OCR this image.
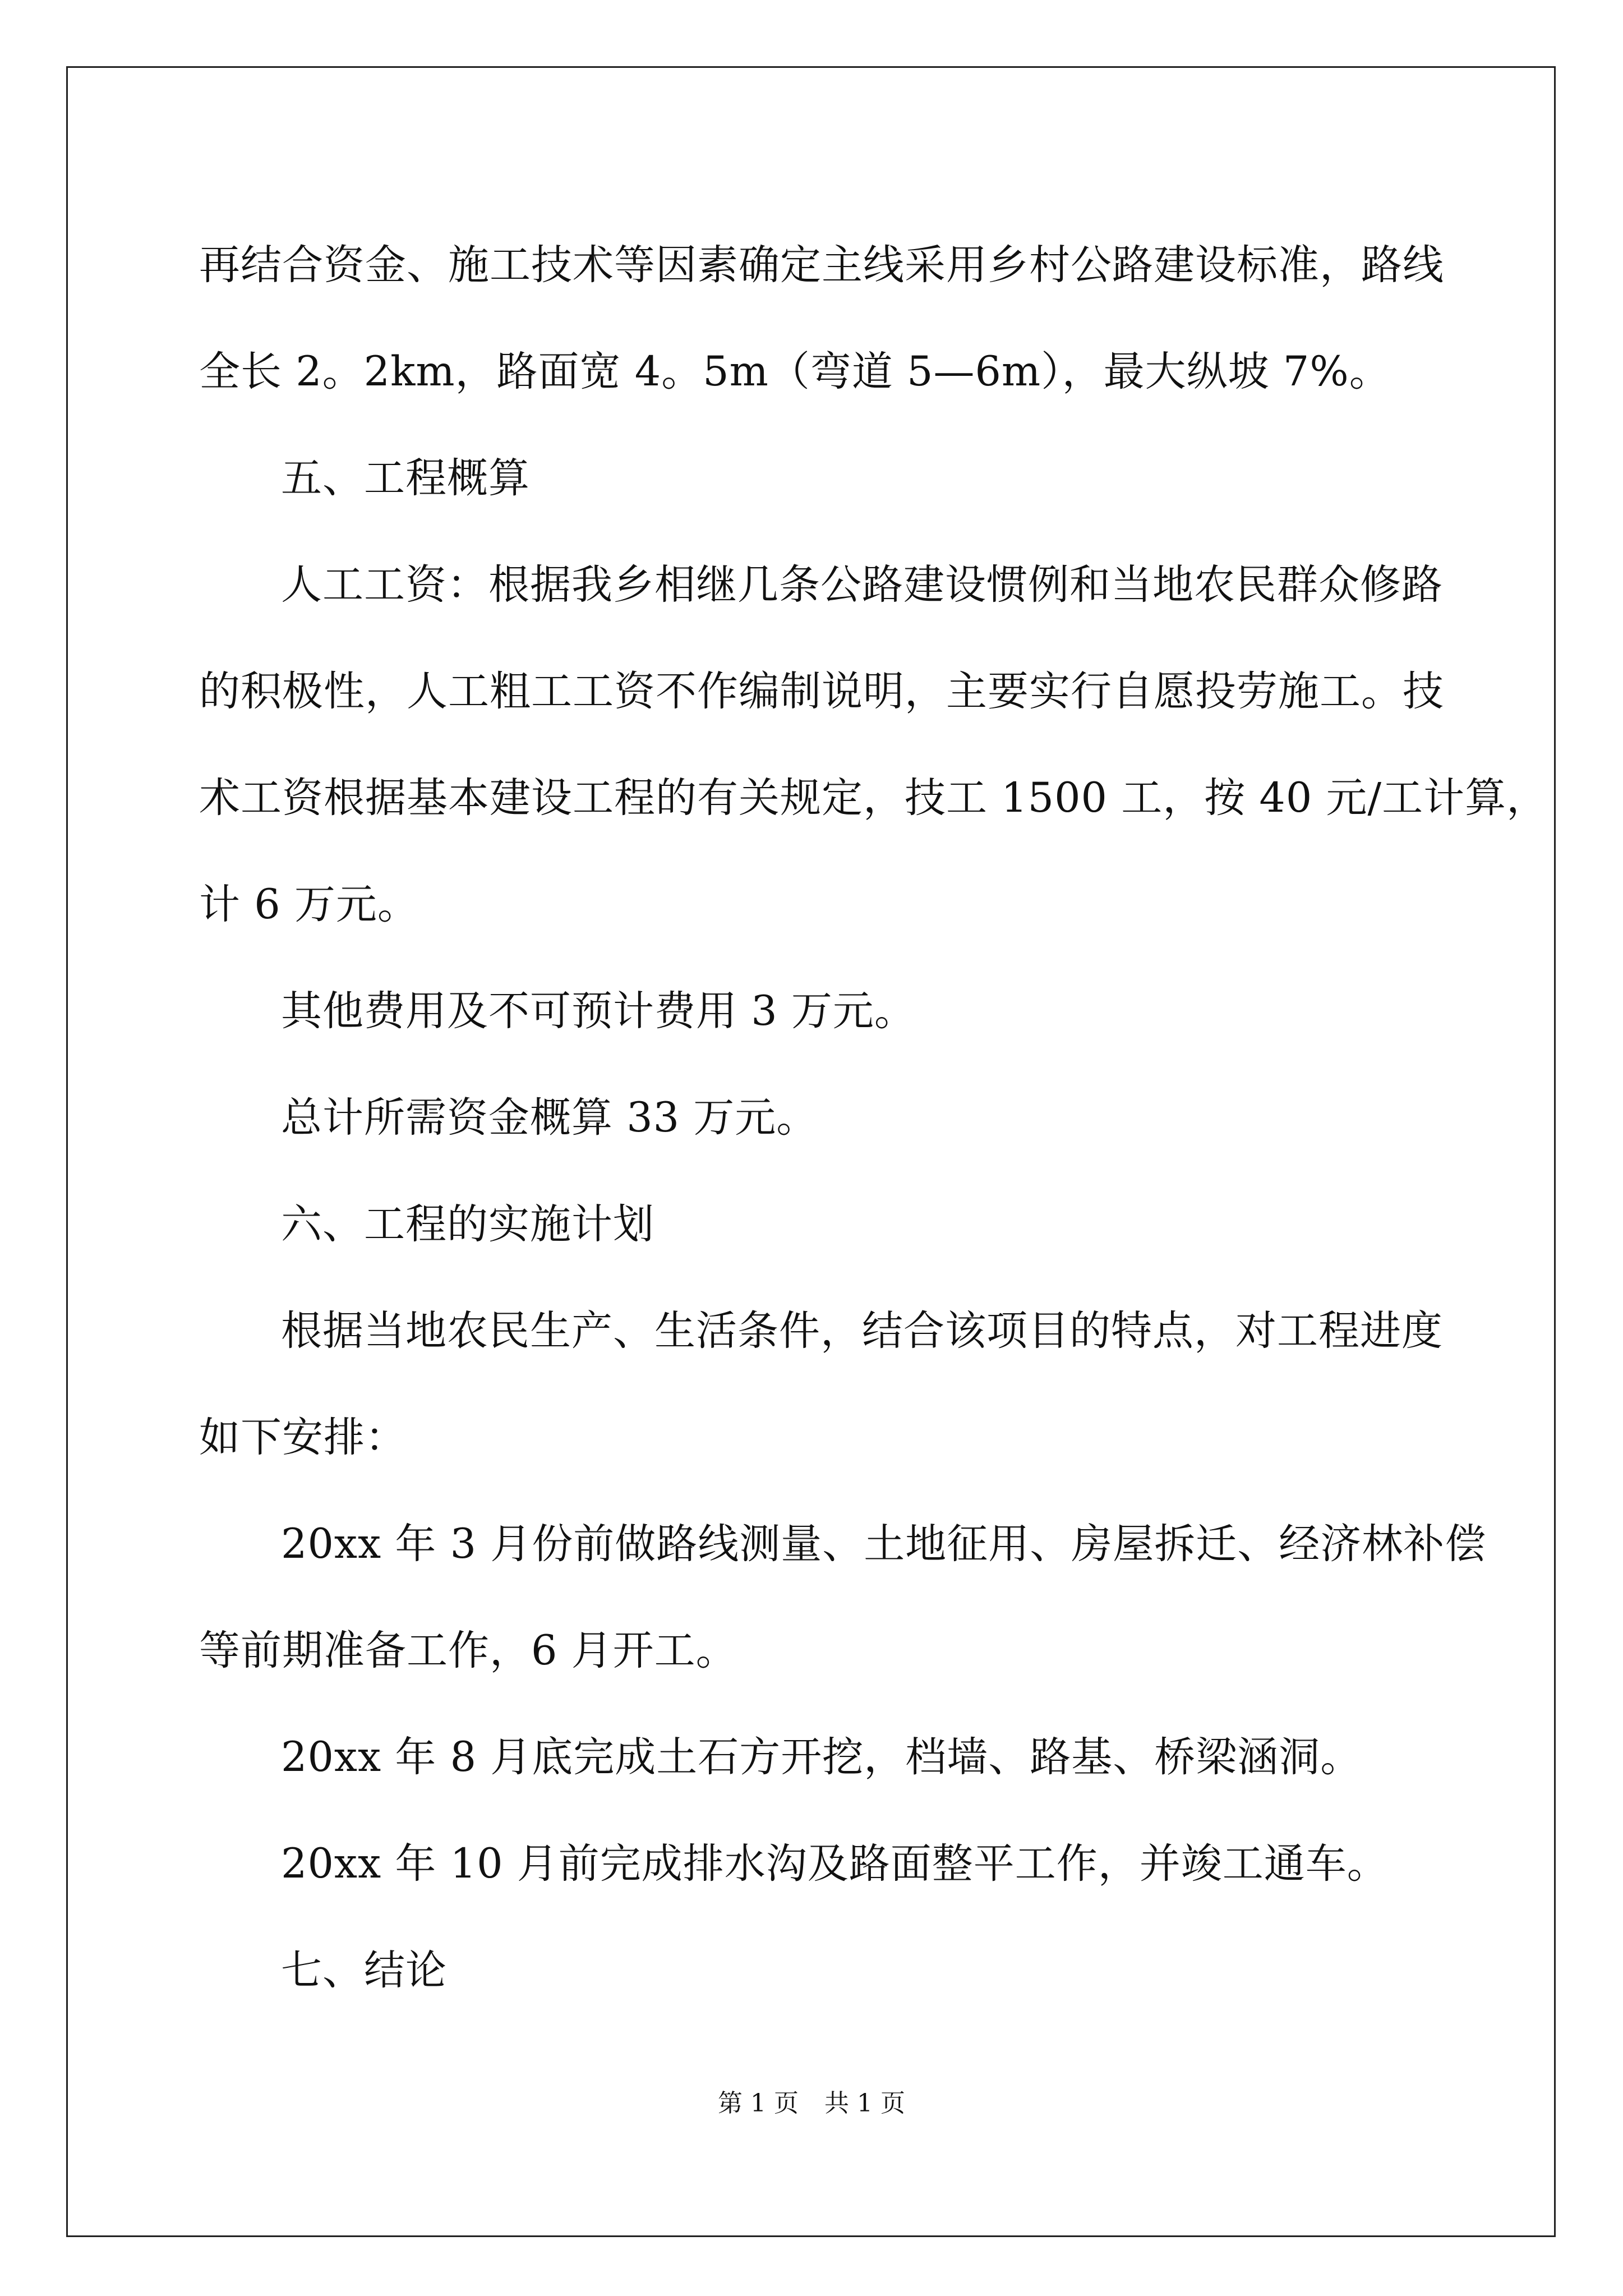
再结合资金、施工技术等因素确定主线采用乡村公路建设标准，路线

全长 2。2km，路面宽 4。5m（弯道 5—6m），最大纵坡 7%。

五、工程概算

人工工资：根据我乡相继几条公路建设惯例和当地农民群众修路

的积极性，人工粗工工资不作编制说明，主要实行自愿投劳施工。技

术工资根据基本建设工程的有关规定，技工 1500 工，按 40 元/工计算，

计 6 万元。

其他费用及不可预计费用 3 万元。

总计所需资金概算 33 万元。

六、工程的实施计划

根据当地农民生产、生活条件，结合该项目的特点，对工程进度

如下安排：

20xx 年 3 月份前做路线测量、土地征用、房屋拆迁、经济林补偿

等前期准备工作，6 月开工。

20xx 年 8 月底完成土石方开挖，档墙、路基、桥梁涵洞。

20xx 年 10 月前完成排水沟及路面整平工作，并竣工通车。

七、结论

第 1 页 共 1 页
